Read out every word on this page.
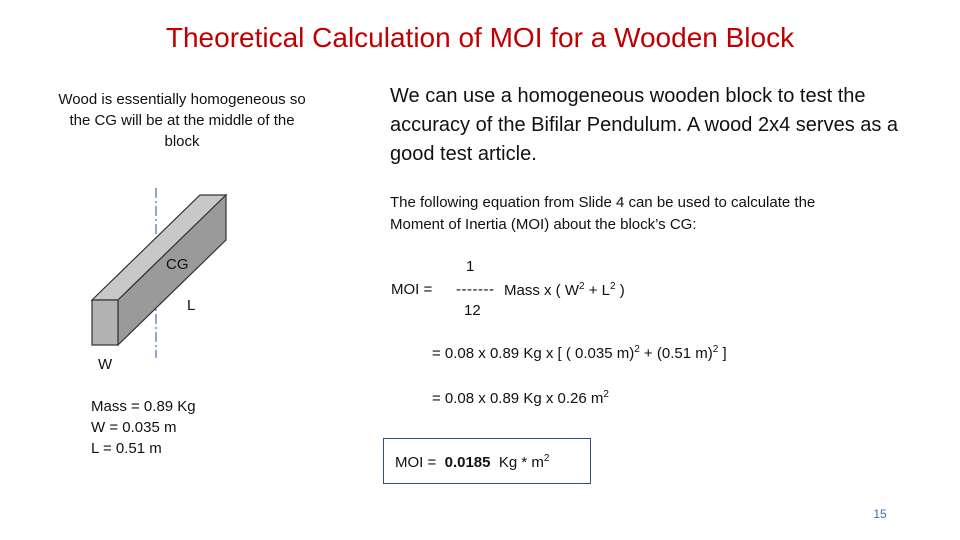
Theoretical Calculation of MOI for a Wooden Block
Wood is essentially homogeneous so the CG will be at the middle of the block
We can use a homogeneous wooden block to test the accuracy of the Bifilar Pendulum. A wood 2x4 serves as a good test article.
The following equation from Slide 4 can be used to calculate the Moment of Inertia (MOI) about the block’s CG:
CG
L
W
Mass = 0.89 Kg
W = 0.035 m
L = 0.51 m
MOI =
1
-------
12
Mass x ( $W^2 + L^2$ )
= 0.08 x 0.89 Kg x [ ( 0.035 m)$^2$ + (0.51 m)$^2$ ]
= 0.08 x 0.89 Kg x 0.26 $m^2$
MOI = 0.0185 Kg * $m^2$
15
